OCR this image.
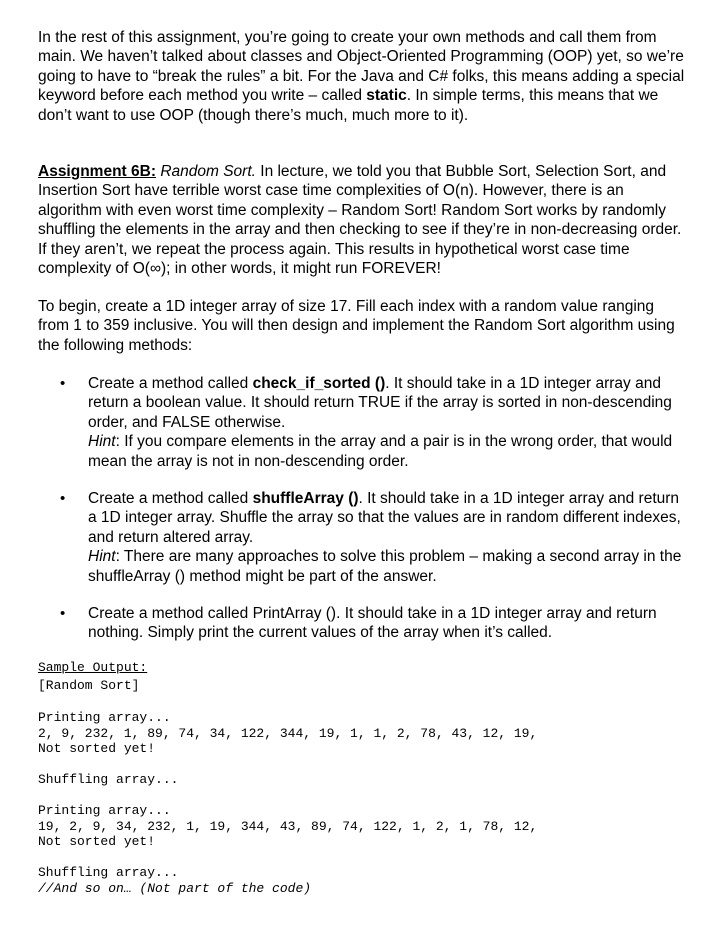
In the rest of this assignment, you’re going to create your own methods and call them from main. We haven’t talked about classes and Object-Oriented Programming (OOP) yet, so we’re going to have to “break the rules” a bit. For the Java and C# folks, this means adding a special keyword before each method you write – called static. In simple terms, this means that we don’t want to use OOP (though there’s much, much more to it).

Assignment 6B: Random Sort. In lecture, we told you that Bubble Sort, Selection Sort, and Insertion Sort have terrible worst case time complexities of O(n). However, there is an algorithm with even worst time complexity – Random Sort! Random Sort works by randomly shuffling the elements in the array and then checking to see if they’re in non-decreasing order. If they aren’t, we repeat the process again. This results in hypothetical worst case time complexity of O(∞); in other words, it might run FOREVER!

To begin, create a 1D integer array of size 17. Fill each index with a random value ranging from 1 to 359 inclusive. You will then design and implement the Random Sort algorithm using the following methods:

• Create a method called check_if_sorted (). It should take in a 1D integer array and return a boolean value. It should return TRUE if the array is sorted in non-descending order, and FALSE otherwise.
Hint: If you compare elements in the array and a pair is in the wrong order, that would mean the array is not in non-descending order.
• Create a method called shuffleArray (). It should take in a 1D integer array and return a 1D integer array. Shuffle the array so that the values are in random different indexes, and return altered array.
Hint: There are many approaches to solve this problem – making a second array in the shuffleArray () method might be part of the answer.
• Create a method called PrintArray (). It should take in a 1D integer array and return nothing. Simply print the current values of the array when it’s called.
Sample Output:
[Random Sort]
Printing array...
2, 9, 232, 1, 89, 74, 34, 122, 344, 19, 1, 1, 2, 78, 43, 12, 19,
Not sorted yet!
Shuffling array...
Printing array...
19, 2, 9, 34, 232, 1, 19, 344, 43, 89, 74, 122, 1, 2, 1, 78, 12,
Not sorted yet!
Shuffling array...
//And so on… (Not part of the code)
